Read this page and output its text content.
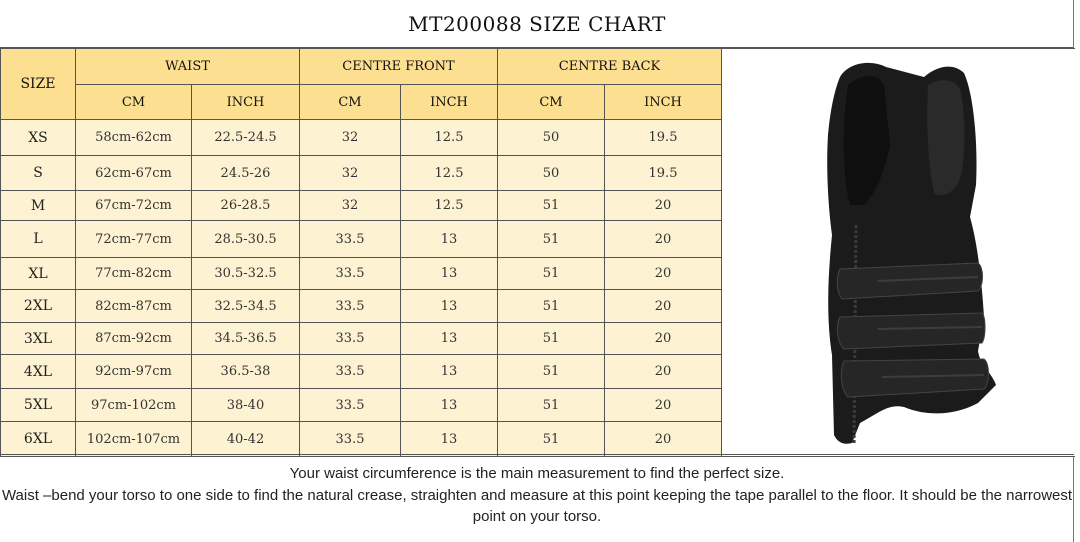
MT200088 SIZE CHART
SIZE	WAIST		CENTRE FRONT		CENTRE BACK	

	CM	INCH	CM	INCH	CM	INCH	
XS	58cm-62cm	22.5-24.5	32	12.5	50	19.5	
S	62cm-67cm	24.5-26	32	12.5	50	19.5	
M	67cm-72cm	26-28.5	32	12.5	51	20	
L	72cm-77cm	28.5-30.5	33.5	13	51	20	
XL	77cm-82cm	30.5-32.5	33.5	13	51	20	
2XL	82cm-87cm	32.5-34.5	33.5	13	51	20	
3XL	87cm-92cm	34.5-36.5	33.5	13	51	20	
4XL	92cm-97cm	36.5-38	33.5	13	51	20	
5XL	97cm-102cm	38-40	33.5	13	51	20	
6XL	102cm-107cm	40-42	33.5	13	51	20	
Your waist circumference is the main measurement to find the perfect size.
Waist –bend your torso to one side to find the natural crease, straighten and measure at this point keeping the tape parallel to the floor. It should be the narrowest point on your torso.
